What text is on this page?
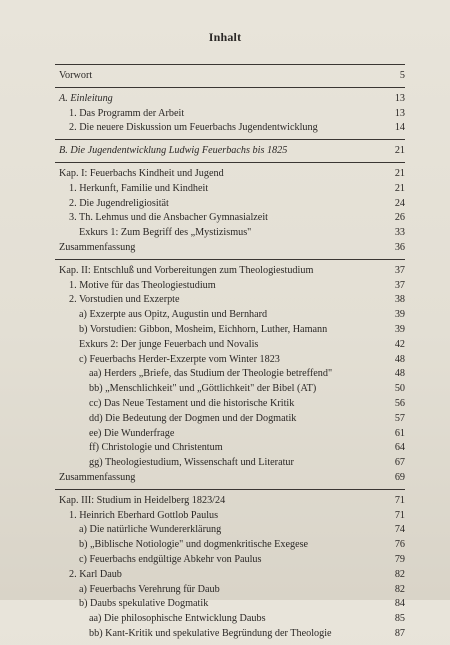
Inhalt
Vorwort	5
A. Einleitung	13
1. Das Programm der Arbeit	13
2. Die neuere Diskussion um Feuerbachs Jugendentwicklung	14
B. Die Jugendentwicklung Ludwig Feuerbachs bis 1825	21
Kap. I: Feuerbachs Kindheit und Jugend	21
1. Herkunft, Familie und Kindheit	21
2. Die Jugendreligiosität	24
3. Th. Lehmus und die Ansbacher Gymnasialzeit	26
Exkurs 1: Zum Begriff des „Mystizismus"	33
Zusammenfassung	36
Kap. II: Entschluß und Vorbereitungen zum Theologiestudium	37
1. Motive für das Theologiestudium	37
2. Vorstudien und Exzerpte	38
a) Exzerpte aus Opitz, Augustin und Bernhard	39
b) Vorstudien: Gibbon, Mosheim, Eichhorn, Luther, Hamann	39
Exkurs 2: Der junge Feuerbach und Novalis	42
c) Feuerbachs Herder-Exzerpte vom Winter 1823	48
aa) Herders „Briefe, das Studium der Theologie betreffend"	48
bb) „Menschlichkeit" und „Göttlichkeit" der Bibel (AT)	50
cc) Das Neue Testament und die historische Kritik	56
dd) Die Bedeutung der Dogmen und der Dogmatik	57
ee) Die Wunderfrage	61
ff) Christologie und Christentum	64
gg) Theologiestudium, Wissenschaft und Literatur	67
Zusammenfassung	69
Kap. III: Studium in Heidelberg 1823/24	71
1. Heinrich Eberhard Gottlob Paulus	71
a) Die natürliche Wundererklärung	74
b) „Biblische Notiologie" und dogmenkritische Exegese	76
c) Feuerbachs endgültige Abkehr von Paulus	79
2. Karl Daub	82
a) Feuerbachs Verehrung für Daub	82
b) Daubs spekulative Dogmatik	84
aa) Die philosophische Entwicklung Daubs	85
bb) Kant-Kritik und spekulative Begründung der Theologie	87
